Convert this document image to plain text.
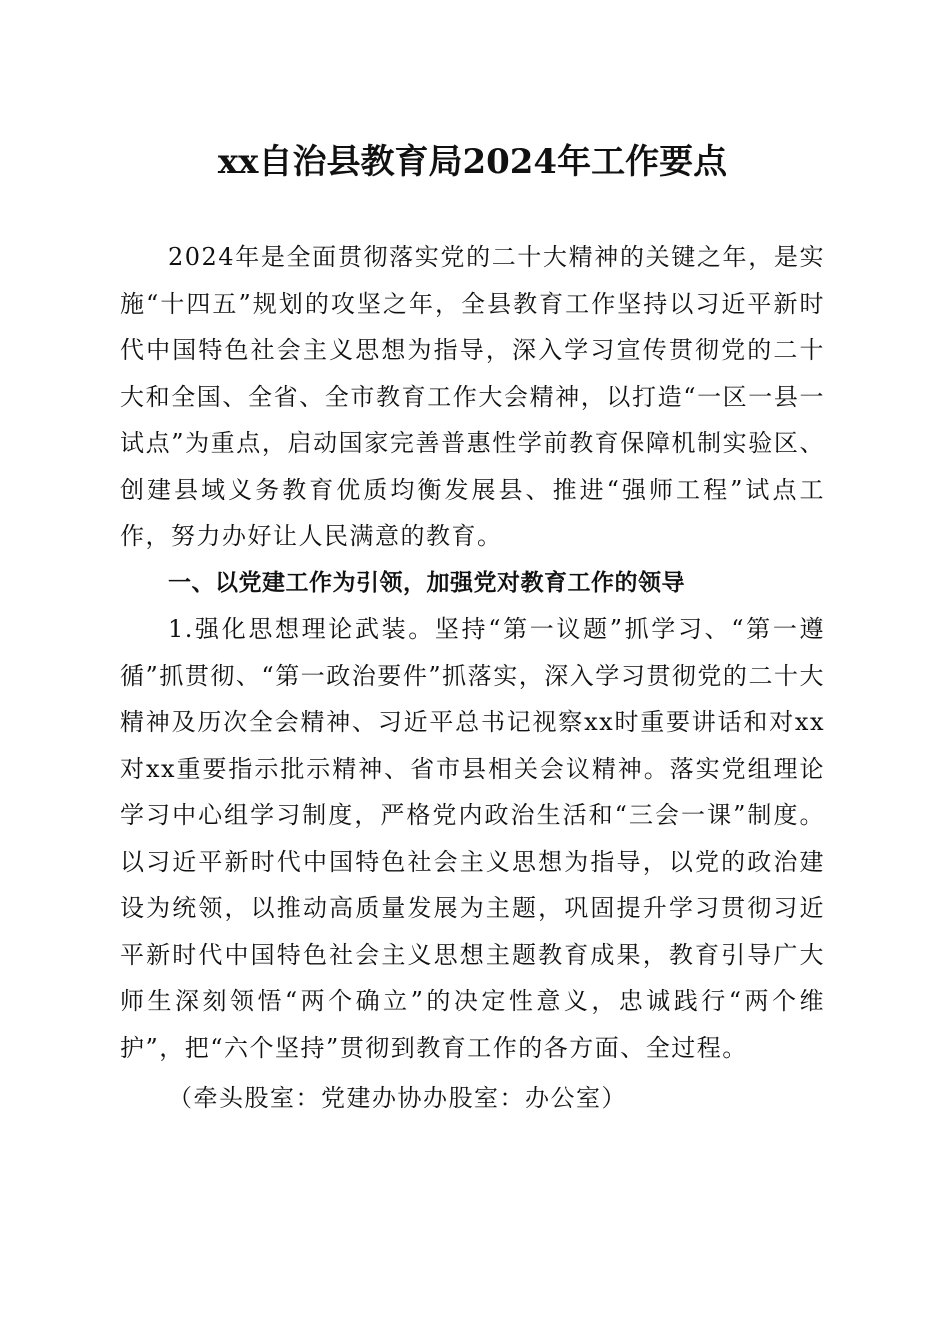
xx自治县教育局2024年工作要点

2024年是全面贯彻落实党的二十大精神的关键之年，是实施“十四五”规划的攻坚之年，全县教育工作坚持以习近平新时代中国特色社会主义思想为指导，深入学习宣传贯彻党的二十大和全国、全省、全市教育工作大会精神，以打造“一区一县一试点”为重点，启动国家完善普惠性学前教育保障机制实验区、创建县域义务教育优质均衡发展县、推进“强师工程”试点工作，努力办好让人民满意的教育。

一、以党建工作为引领，加强党对教育工作的领导

1.强化思想理论武装。坚持“第一议题”抓学习、“第一遵循”抓贯彻、“第一政治要件”抓落实，深入学习贯彻党的二十大精神及历次全会精神、习近平总书记视察xx时重要讲话和对xx对xx重要指示批示精神、省市县相关会议精神。落实党组理论学习中心组学习制度，严格党内政治生活和“三会一课”制度。以习近平新时代中国特色社会主义思想为指导，以党的政治建设为统领，以推动高质量发展为主题，巩固提升学习贯彻习近平新时代中国特色社会主义思想主题教育成果，教育引导广大师生深刻领悟“两个确立”的决定性意义，忠诚践行“两个维护”，把“六个坚持”贯彻到教育工作的各方面、全过程。

（牵头股室：党建办协办股室：办公室）
